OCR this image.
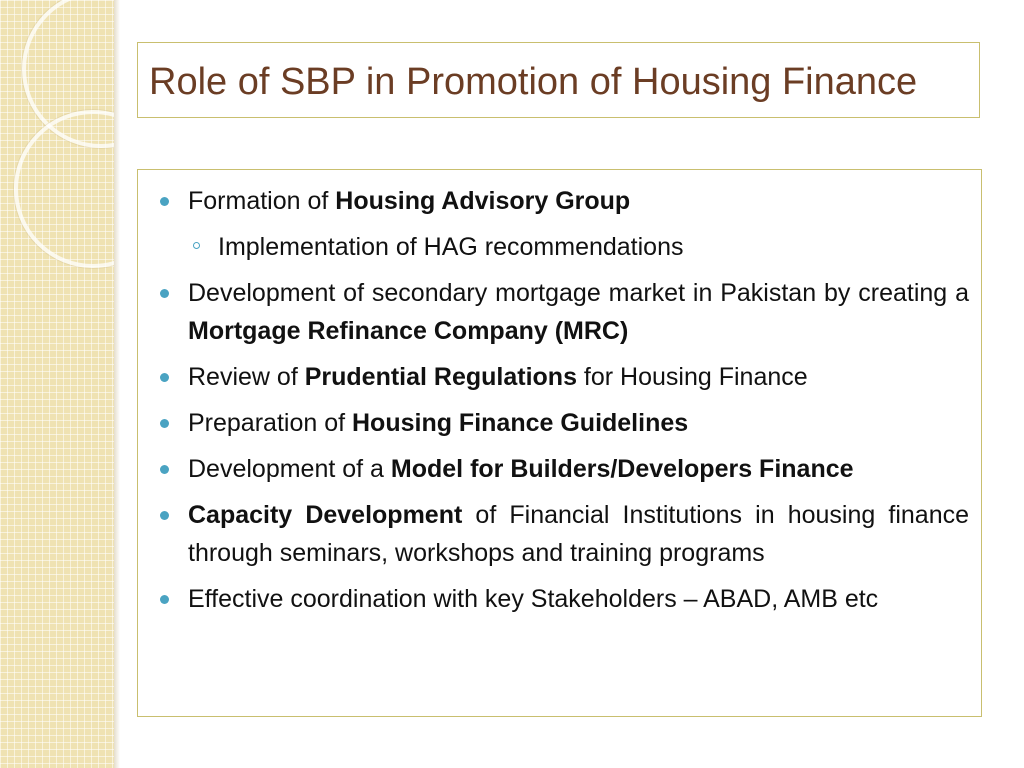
Role of SBP in Promotion of Housing Finance
Formation of Housing Advisory Group
Implementation of HAG recommendations
Development of secondary mortgage market in Pakistan by creating a Mortgage Refinance Company (MRC)
Review of Prudential Regulations for Housing Finance
Preparation of Housing Finance Guidelines
Development of a Model for Builders/Developers Finance
Capacity Development of Financial Institutions in housing finance through seminars, workshops and training programs
Effective coordination with key Stakeholders – ABAD, AMB etc
